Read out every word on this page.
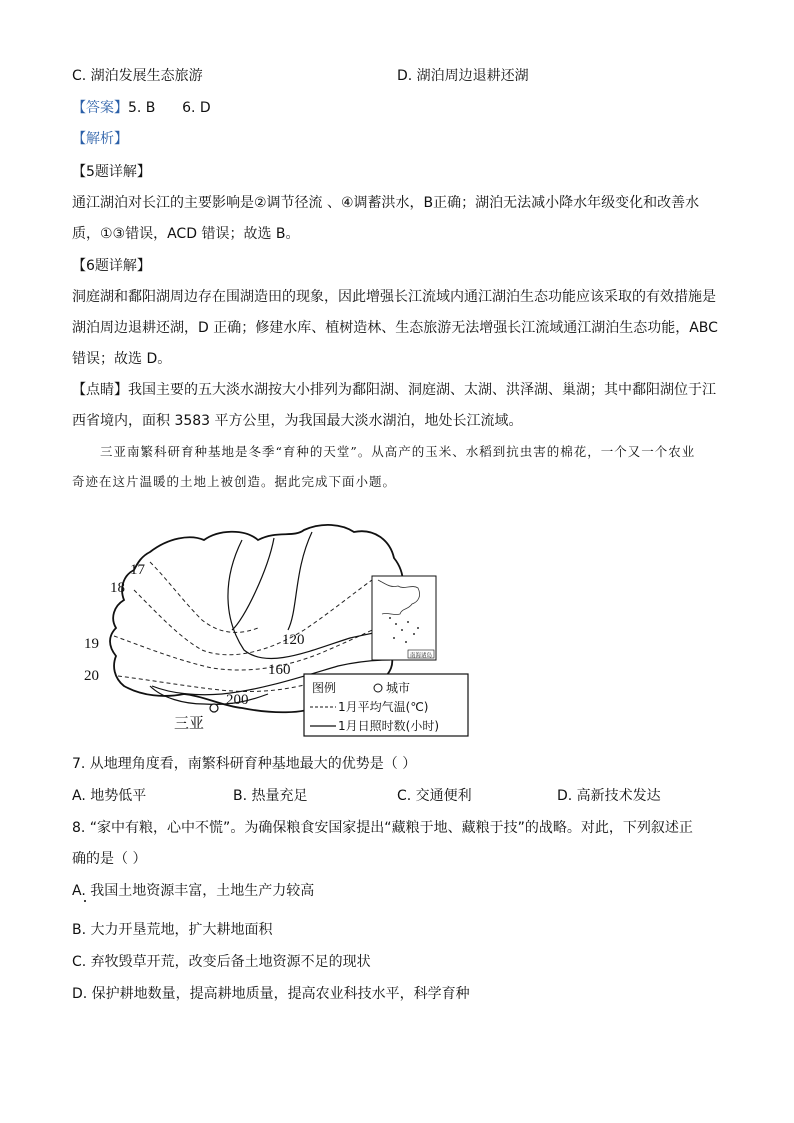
C. 湖泊发展生态旅游	D. 湖泊周边退耕还湖
【答案】5. B      6. D
【解析】
【5题详解】
通江湖泊对长江的主要影响是②调节径流 、④调蓄洪水，B正确；湖泊无法减小降水年级变化和改善水
质，①③错误，ACD 错误；故选 B。
【6题详解】
洞庭湖和鄱阳湖周边存在围湖造田的现象，因此增强长江流域内通江湖泊生态功能应该采取的有效措施是
湖泊周边退耕还湖，D 正确；修建水库、植树造林、生态旅游无法增强长江流域通江湖泊生态功能，ABC
错误；故选 D。
【点睛】我国主要的五大淡水湖按大小排列为鄱阳湖、洞庭湖、太湖、洪泽湖、巢湖；其中鄱阳湖位于江
西省境内，面积 3583 平方公里，为我国最大淡水湖泊，地处长江流域。
三亚南繁科研育种基地是冬季“育种的天堂”。从高产的玉米、水稻到抗虫害的棉花，一个又一个农业
奇迹在这片温暖的土地上被创造。据此完成下面小题。
17
18
19
20
120
160
200
三亚
南海诸岛
图例	城市
1月平均气温(℃)
1月日照时数(小时)
7. 从地理角度看，南繁科研育种基地最大的优势是（ ）
A. 地势低平	B. 热量充足	C. 交通便利	D. 高新技术发达
8. “家中有粮，心中不慌”。为确保粮食安国家提出“藏粮于地、藏粮于技”的战略。对此，下列叙述正
确的是（ ）
A. 我国土地资源丰富，土地生产力较高
B. 大力开垦荒地，扩大耕地面积
C. 弃牧毁草开荒，改变后备土地资源不足的现状
D. 保护耕地数量，提高耕地质量，提高农业科技水平，科学育种
